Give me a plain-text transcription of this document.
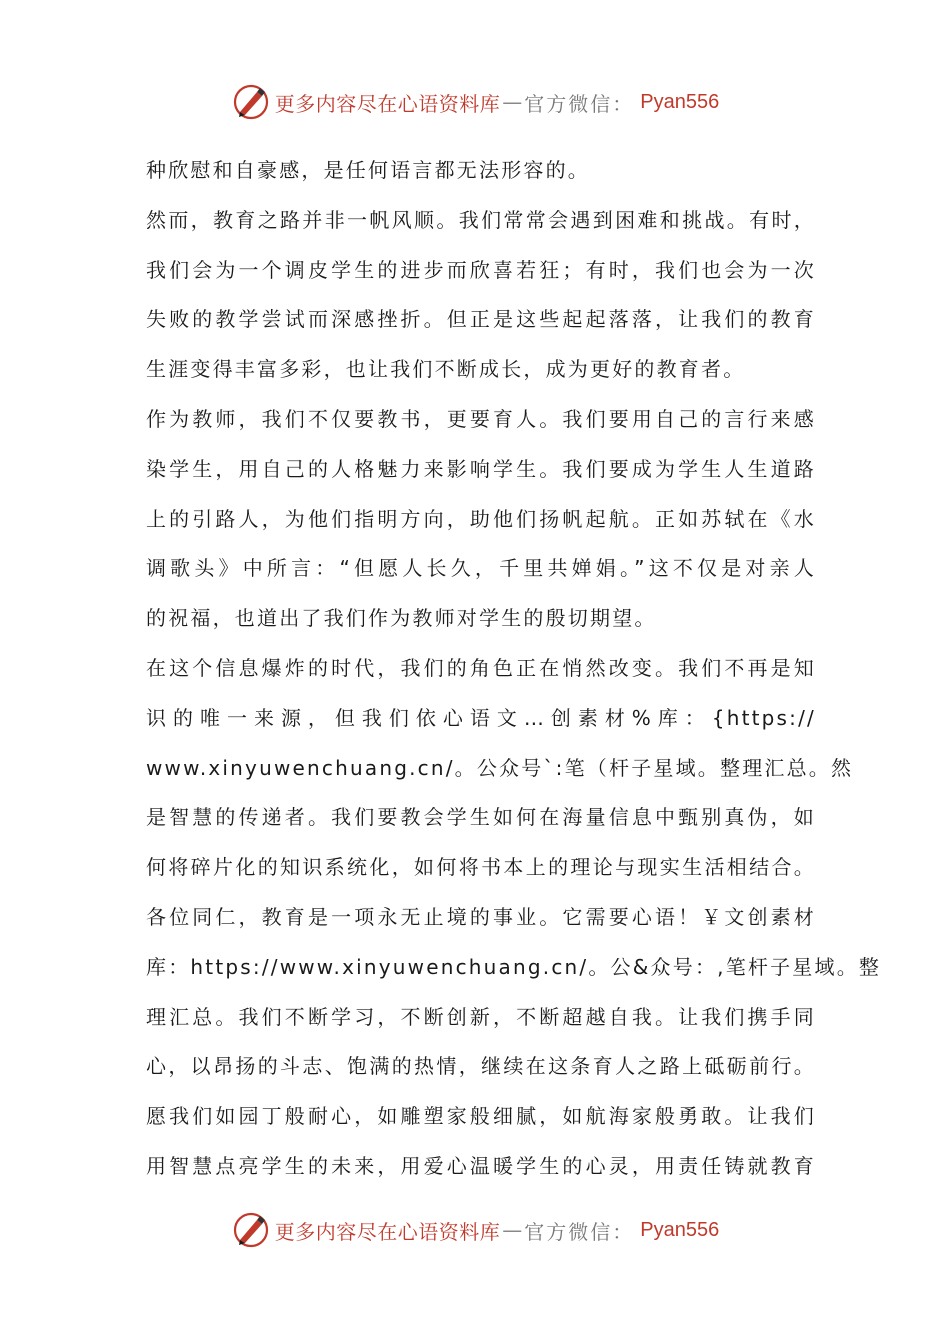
更多内容尽在心语资料库 — 官方微信： Pyan556
种欣慰和自豪感，是任何语言都无法形容的。
然而，教育之路并非一帆风顺。我们常常会遇到困难和挑战。有时，
我们会为一个调皮学生的进步而欣喜若狂；有时，我们也会为一次
失败的教学尝试而深感挫折。但正是这些起起落落，让我们的教育
生涯变得丰富多彩，也让我们不断成长，成为更好的教育者。
作为教师，我们不仅要教书，更要育人。我们要用自己的言行来感
染学生，用自己的人格魅力来影响学生。我们要成为学生人生道路
上的引路人，为他们指明方向，助他们扬帆起航。正如苏轼在《水
调歌头》中所言：“但愿人长久，千里共婵娟。”这不仅是对亲人
的祝福，也道出了我们作为教师对学生的殷切期望。
在这个信息爆炸的时代，我们的角色正在悄然改变。我们不再是知
识的唯一来源，但我们依心语文…创素材%库：{https://
www.xinyuwenchuang.cn/。公众号`:笔（杆子星域。整理汇总。然
是智慧的传递者。我们要教会学生如何在海量信息中甄别真伪，如
何将碎片化的知识系统化，如何将书本上的理论与现实生活相结合。
各位同仁，教育是一项永无止境的事业。它需要心语！￥文创素材
库：https://www.xinyuwenchuang.cn/。公&众号：,笔杆子星域。整
理汇总。我们不断学习，不断创新，不断超越自我。让我们携手同
心，以昂扬的斗志、饱满的热情，继续在这条育人之路上砥砺前行。
愿我们如园丁般耐心，如雕塑家般细腻，如航海家般勇敢。让我们
用智慧点亮学生的未来，用爱心温暖学生的心灵，用责任铸就教育
更多内容尽在心语资料库 — 官方微信： Pyan556
